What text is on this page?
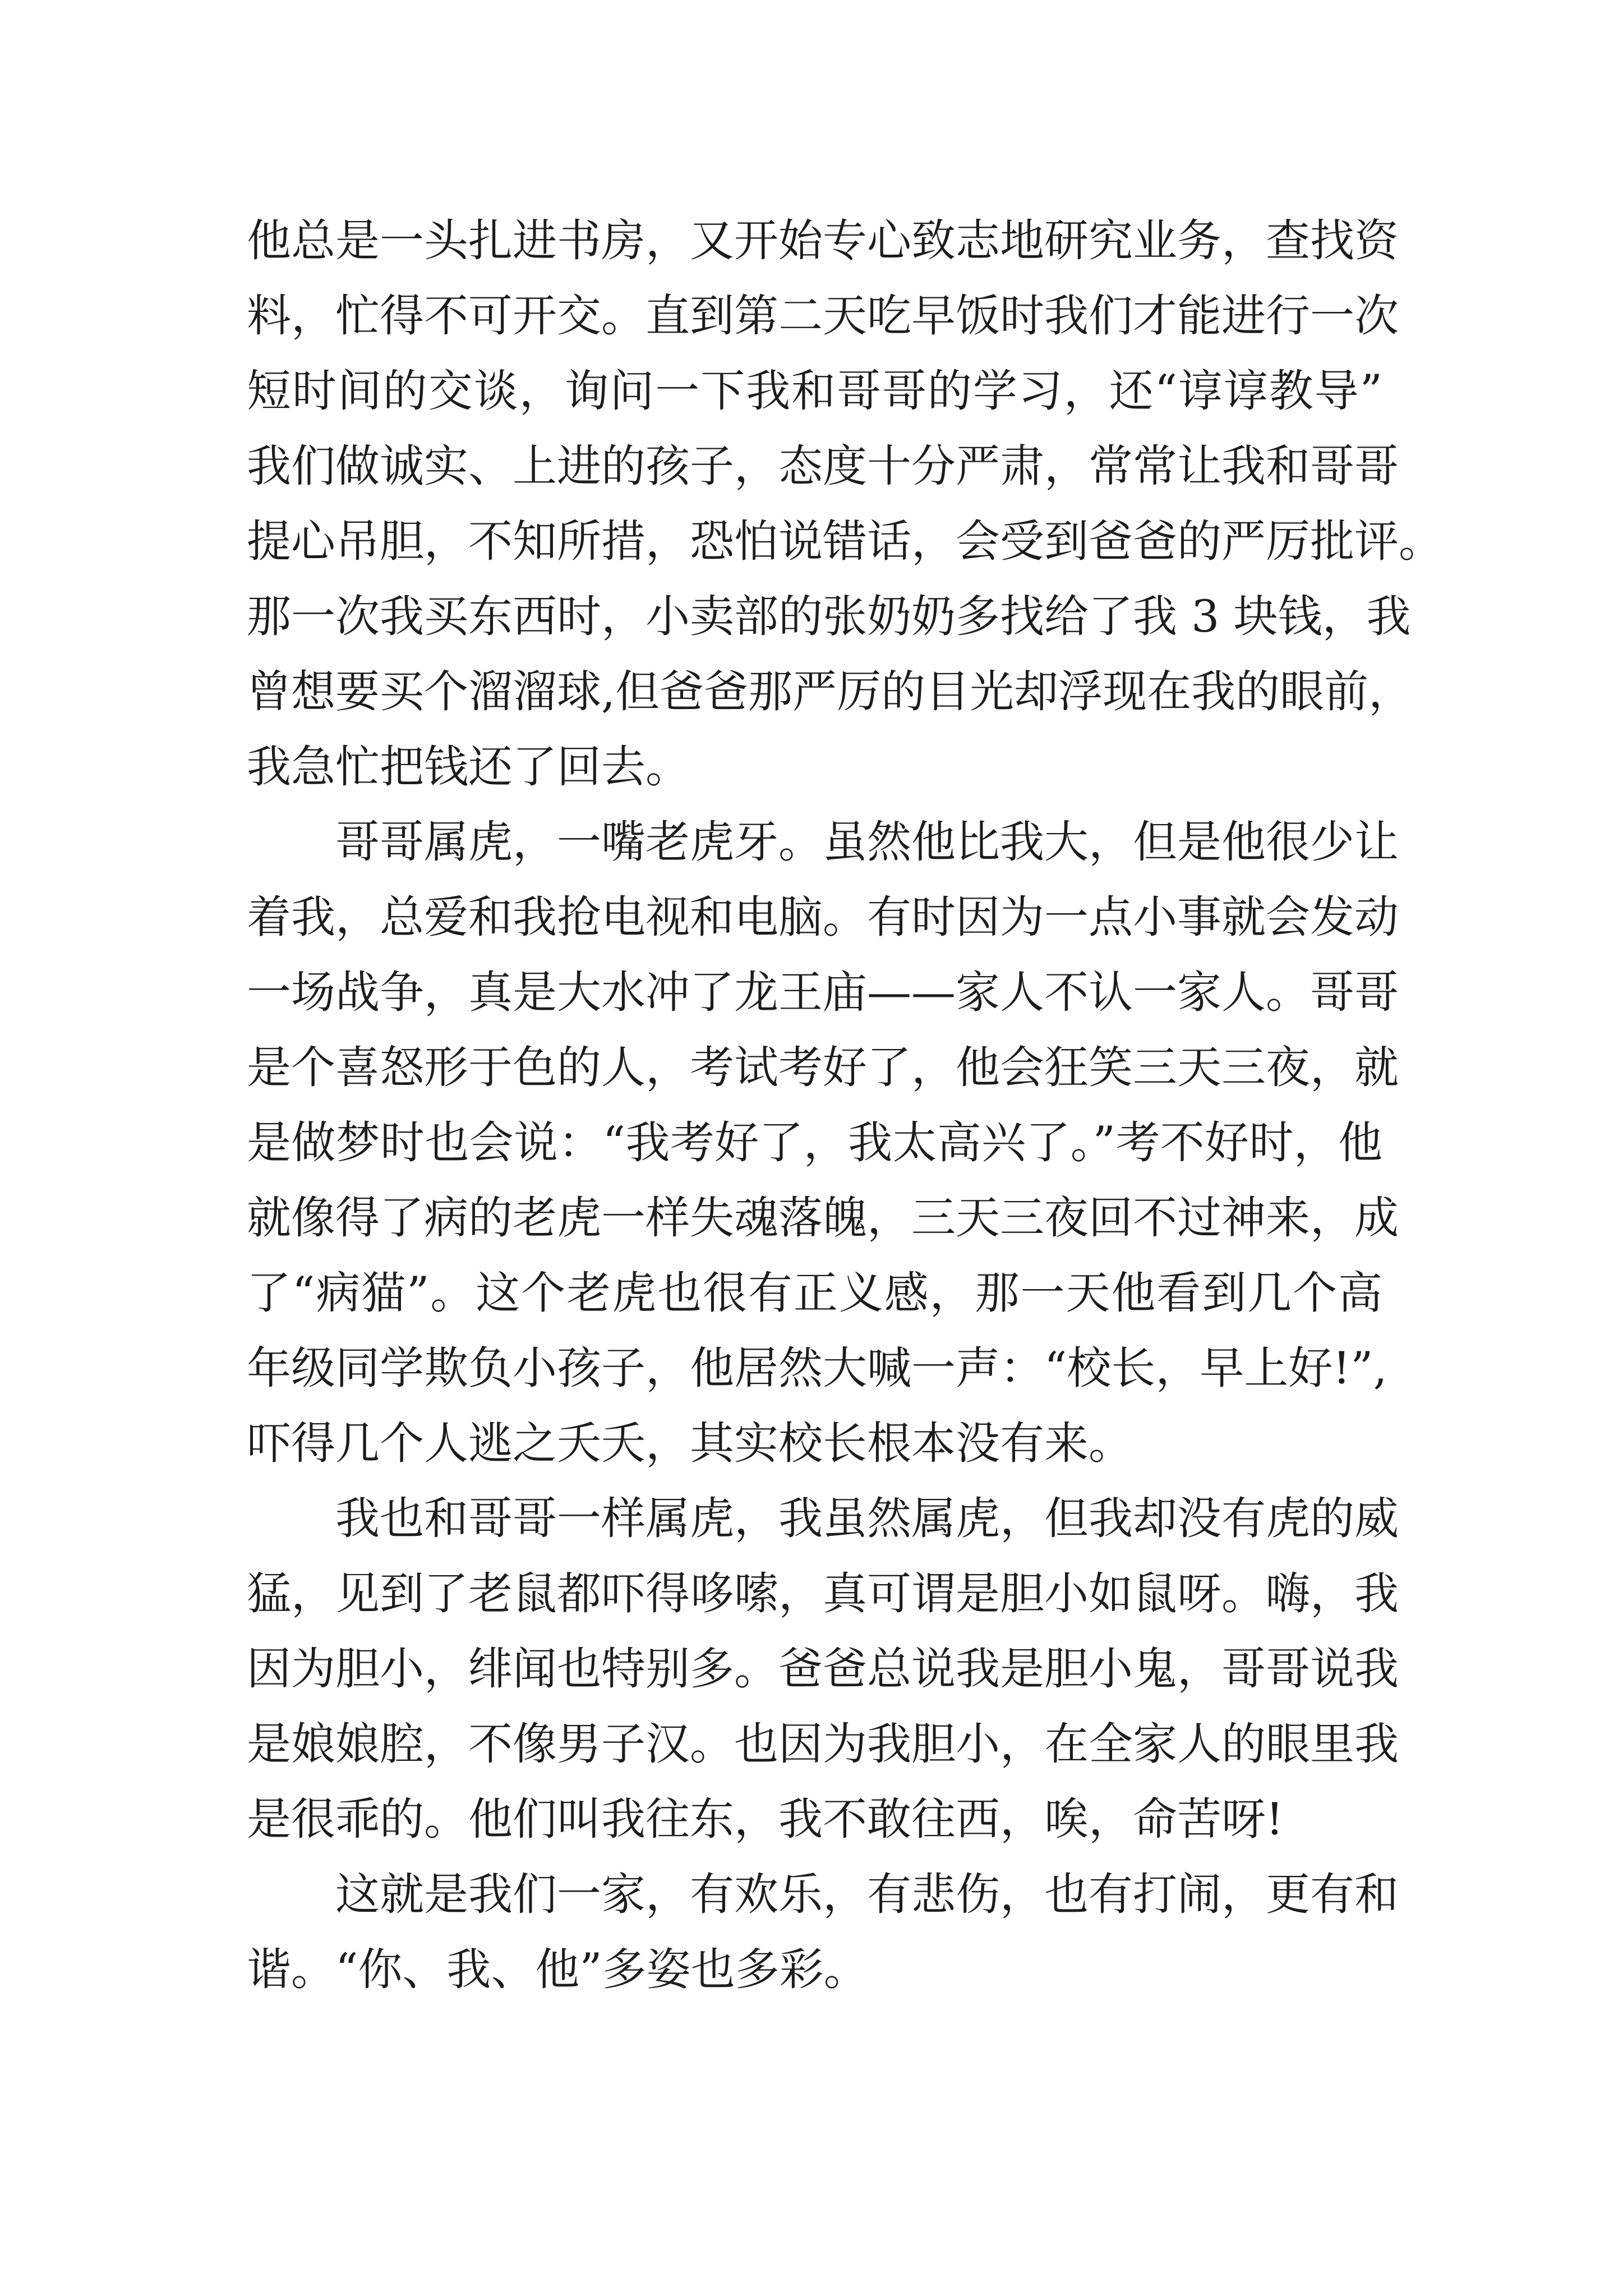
他总是一头扎进书房，又开始专心致志地研究业务，查找资
料，忙得不可开交。直到第二天吃早饭时我们才能进行一次
短时间的交谈，询问一下我和哥哥的学习，还“谆谆教导”
我们做诚实、上进的孩子，态度十分严肃，常常让我和哥哥
提心吊胆，不知所措，恐怕说错话，会受到爸爸的严厉批评。
那一次我买东西时，小卖部的张奶奶多找给了我 3 块钱，我
曾想要买个溜溜球,但爸爸那严厉的目光却浮现在我的眼前，
我急忙把钱还了回去。
哥哥属虎，一嘴老虎牙。虽然他比我大，但是他很少让
着我，总爱和我抢电视和电脑。有时因为一点小事就会发动
一场战争，真是大水冲了龙王庙——家人不认一家人。哥哥
是个喜怒形于色的人，考试考好了，他会狂笑三天三夜，就
是做梦时也会说：“我考好了，我太高兴了。”考不好时，他
就像得了病的老虎一样失魂落魄，三天三夜回不过神来，成
了“病猫”。这个老虎也很有正义感，那一天他看到几个高
年级同学欺负小孩子，他居然大喊一声：“校长，早上好!”,
吓得几个人逃之夭夭，其实校长根本没有来。
我也和哥哥一样属虎，我虽然属虎，但我却没有虎的威
猛，见到了老鼠都吓得哆嗦，真可谓是胆小如鼠呀。嗨，我
因为胆小，绯闻也特别多。爸爸总说我是胆小鬼，哥哥说我
是娘娘腔，不像男子汉。也因为我胆小，在全家人的眼里我
是很乖的。他们叫我往东，我不敢往西，唉，命苦呀!
这就是我们一家，有欢乐，有悲伤，也有打闹，更有和
谐。“你、我、他”多姿也多彩。
